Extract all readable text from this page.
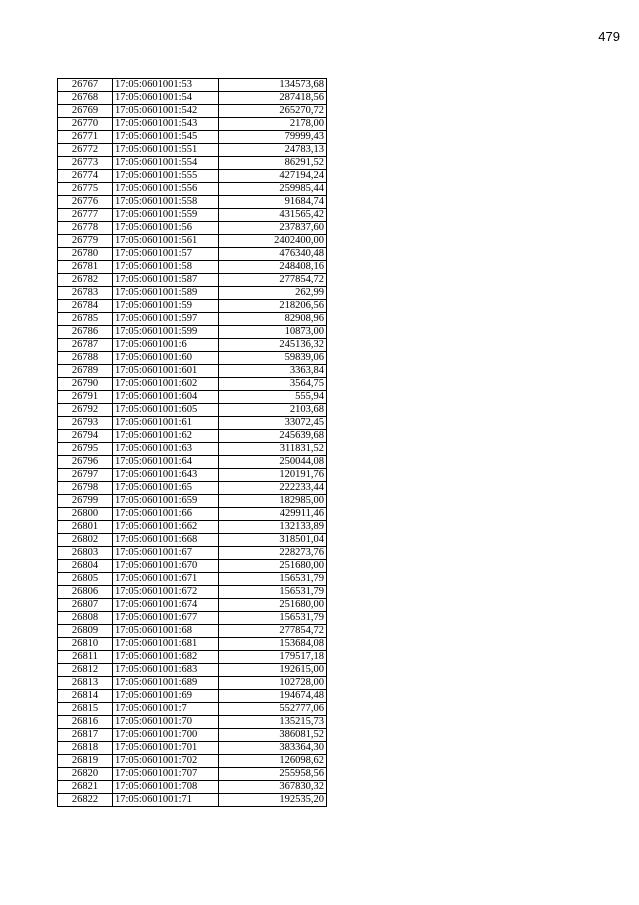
479
26767	17:05:0601001:53	134573,68
26768	17:05:0601001:54	287418,56
26769	17:05:0601001:542	265270,72
26770	17:05:0601001:543	2178,00
26771	17:05:0601001:545	79999,43
26772	17:05:0601001:551	24783,13
26773	17:05:0601001:554	86291,52
26774	17:05:0601001:555	427194,24
26775	17:05:0601001:556	259985,44
26776	17:05:0601001:558	91684,74
26777	17:05:0601001:559	431565,42
26778	17:05:0601001:56	237837,60
26779	17:05:0601001:561	2402400,00
26780	17:05:0601001:57	476340,48
26781	17:05:0601001:58	248408,16
26782	17:05:0601001:587	277854,72
26783	17:05:0601001:589	262,99
26784	17:05:0601001:59	218206,56
26785	17:05:0601001:597	82908,96
26786	17:05:0601001:599	10873,00
26787	17:05:0601001:6	245136,32
26788	17:05:0601001:60	59839,06
26789	17:05:0601001:601	3363,84
26790	17:05:0601001:602	3564,75
26791	17:05:0601001:604	555,94
26792	17:05:0601001:605	2103,68
26793	17:05:0601001:61	33072,45
26794	17:05:0601001:62	245639,68
26795	17:05:0601001:63	311831,52
26796	17:05:0601001:64	250044,08
26797	17:05:0601001:643	120191,76
26798	17:05:0601001:65	222233,44
26799	17:05:0601001:659	182985,00
26800	17:05:0601001:66	429911,46
26801	17:05:0601001:662	132133,89
26802	17:05:0601001:668	318501,04
26803	17:05:0601001:67	228273,76
26804	17:05:0601001:670	251680,00
26805	17:05:0601001:671	156531,79
26806	17:05:0601001:672	156531,79
26807	17:05:0601001:674	251680,00
26808	17:05:0601001:677	156531,79
26809	17:05:0601001:68	277854,72
26810	17:05:0601001:681	153684,08
26811	17:05:0601001:682	179517,18
26812	17:05:0601001:683	192615,00
26813	17:05:0601001:689	102728,00
26814	17:05:0601001:69	194674,48
26815	17:05:0601001:7	552777,06
26816	17:05:0601001:70	135215,73
26817	17:05:0601001:700	386081,52
26818	17:05:0601001:701	383364,30
26819	17:05:0601001:702	126098,62
26820	17:05:0601001:707	255958,56
26821	17:05:0601001:708	367830,32
26822	17:05:0601001:71	192535,20
